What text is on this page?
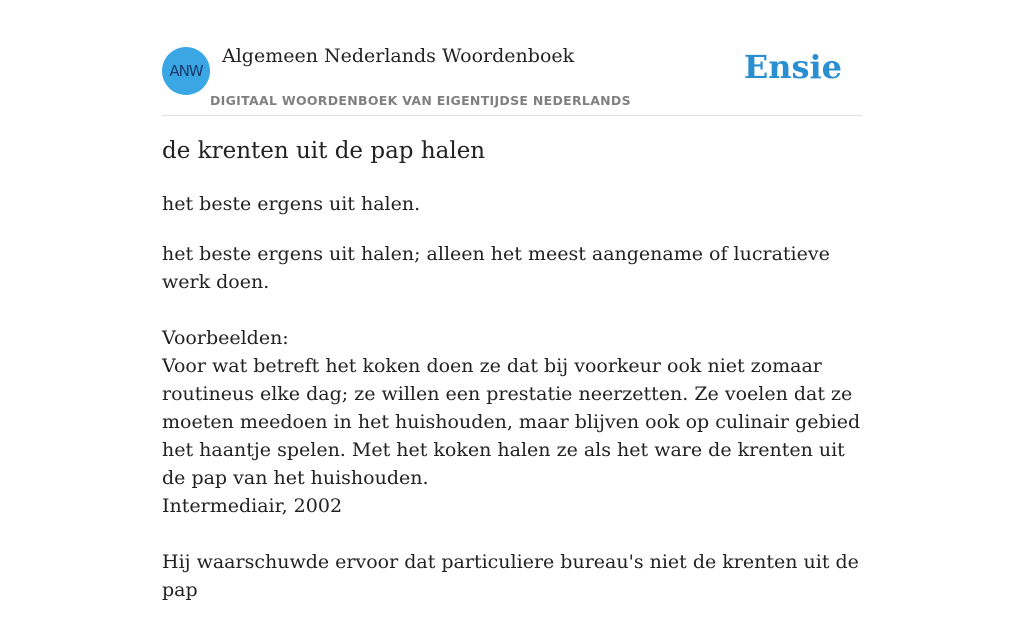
ANW
Algemeen Nederlands Woordenboek
DIGITAAL WOORDENBOEK VAN EIGENTIJDSE NEDERLANDS
Ensie
de krenten uit de pap halen

het beste ergens uit halen.

het beste ergens uit halen; alleen het meest aangename of lucratieve werk doen.

Voorbeelden:
Voor wat betreft het koken doen ze dat bij voorkeur ook niet zomaar routineus elke dag; ze willen een prestatie neerzetten. Ze voelen dat ze moeten meedoen in het huishouden, maar blijven ook op culinair gebied het haantje spelen. Met het koken halen ze als het ware de krenten uit de pap van het huishouden.
Intermediair, 2002

Hij waarschuwde ervoor dat particuliere bureau's niet de krenten uit de pap
